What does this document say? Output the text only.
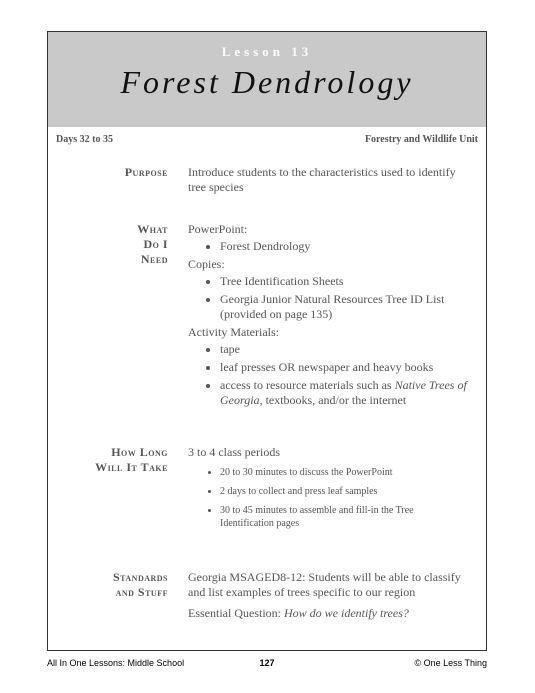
Lesson 13
Forest Dendrology
Days 32 to 35	Forestry and Wildlife Unit
Purpose Introduce students to the characteristics used to identify tree species

What
Do I
Need

PowerPoint:

• Forest Dendrology

Copies:

• Tree Identification Sheets
• Georgia Junior Natural Resources Tree ID List (provided on page 135)

Activity Materials:

• tape
• leaf presses OR newspaper and heavy books
• access to resource materials such as Native Trees of Georgia, textbooks, and/or the internet
How Long
Will It Take

3 to 4 class periods

• 20 to 30 minutes to discuss the PowerPoint
• 2 days to collect and press leaf samples
• 30 to 45 minutes to assemble and fill-in the Tree Identification pages
Standards
and Stuff

Georgia MSAGED8-12: Students will be able to classify and list examples of trees specific to our region

Essential Question: How do we identify trees?

All In One Lessons: Middle School	127	© One Less Thing
